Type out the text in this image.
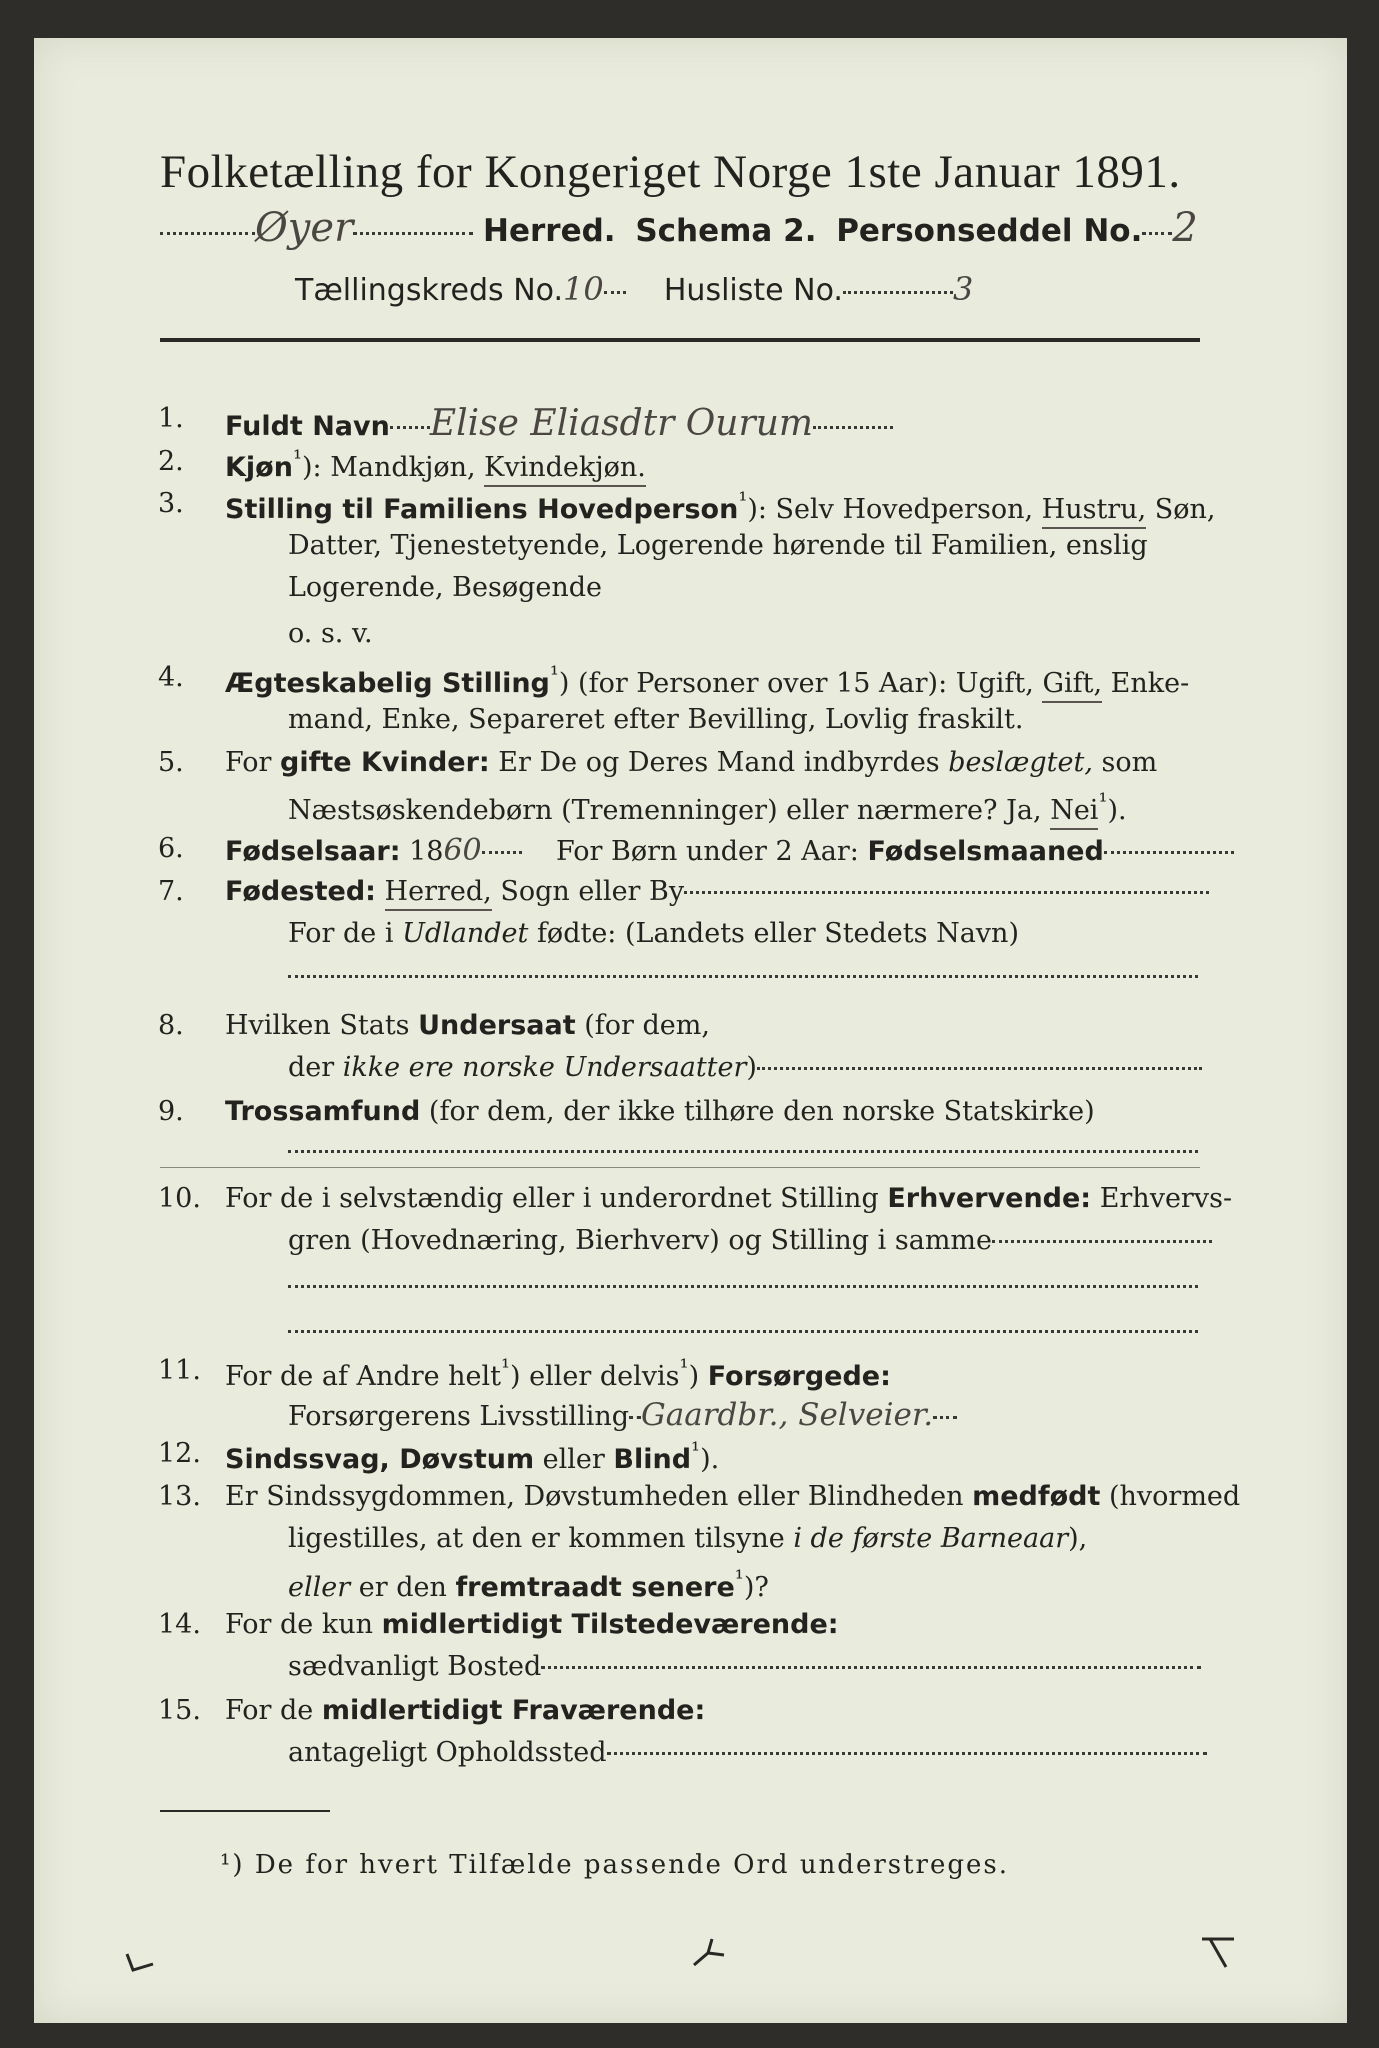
Folketælling for Kongeriget Norge 1ste Januar 1891.
Øyer	Herred. Schema 2. Personseddel No. 2
Tællingskreds No.10 Husliste No.	3
1. Fuldt Navn Elise Eliasdtr Ourum
2. Kjøn$^{^1}$): Mandkjøn, Kvindekjøn.
3. Stilling til Familiens Hovedperson$^{^1}$): Selv Hovedperson, Hustru, Søn,
Datter, Tjenestetyende, Logerende hørende til Familien, enslig
Logerende, Besøgende
o. s. v.
4. Ægteskabelig Stilling$^{^1}$) (for Personer over 15 Aar): Ugift, Gift, Enke-
mand, Enke, Separeret efter Bevilling, Lovlig fraskilt.
5. For gifte Kvinder: Er De og Deres Mand indbyrdes beslægtet, som
Næstsøskendebørn (Tremenninger) eller nærmere? Ja, Nei$^{^1}$).
6. Fødselsaar: 1860	For Børn under 2 Aar: Fødselsmaaned
7. Fødested: Herred, Sogn eller By
For de i Udlandet fødte: (Landets eller Stedets Navn)
8. Hvilken Stats Undersaat (for dem,
der ikke ere norske Undersaatter)
9. Trossamfund (for dem, der ikke tilhøre den norske Statskirke)
10. For de i selvstændig eller i underordnet Stilling Erhvervende: Erhvervs-
gren (Hovednæring, Bierhverv) og Stilling i samme
11. For de af Andre helt$^{^1}$) eller delvis$^{^1}$) Forsørgede:
Forsørgerens Livsstilling Gaardbr., Selveier.
12. Sindssvag, Døvstum eller Blind$^{^1}$).
13. Er Sindssygdommen, Døvstumheden eller Blindheden medfødt (hvormed
ligestilles, at den er kommen tilsyne i de første Barneaar),
eller er den fremtraadt senere$^{^1}$)?
14. For de kun midlertidigt Tilstedeværende:
sædvanligt Bosted
15. For de midlertidigt Fraværende:
antageligt Opholdssted
¹) De for hvert Tilfælde passende Ord understreges.
